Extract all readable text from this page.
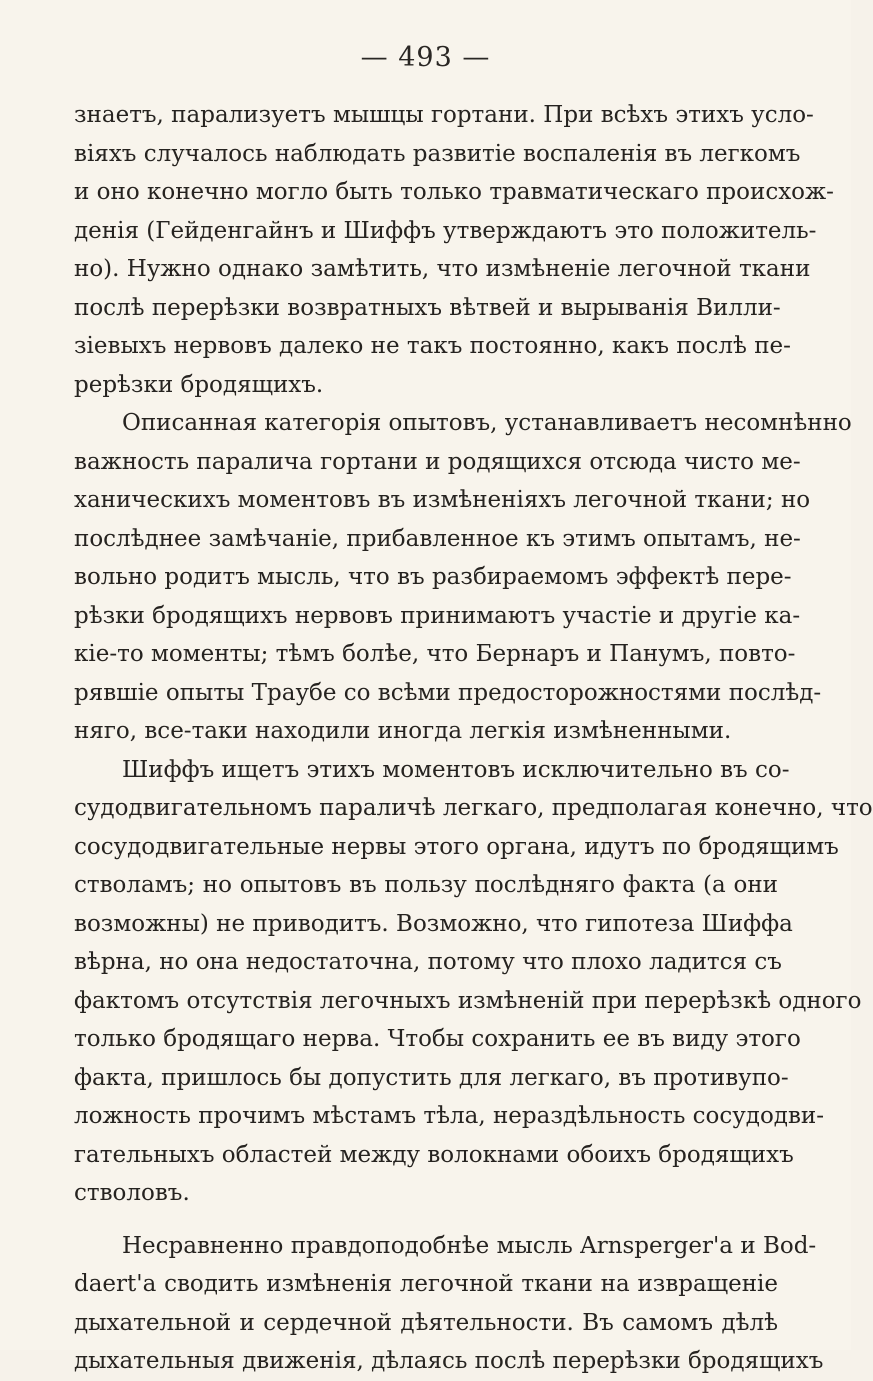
— 493 —
знаетъ, парализуетъ мышцы гортани. При всѣхъ этихъ усло-
віяхъ случалось наблюдать развитіе воспаленія въ легкомъ
и оно конечно могло быть только травматическаго происхож-
денія (Гейденгайнъ и Шиффъ утверждаютъ это положитель-
но). Нужно однако замѣтить, что измѣненіе легочной ткани
послѣ перерѣзки возвратныхъ вѣтвей и вырыванія Вилли-
зіевыхъ нервовъ далеко не такъ постоянно, какъ послѣ пе-
рерѣзки бродящихъ.
Описанная категорія опытовъ, устанавливаетъ несомнѣнно
важность паралича гортани и родящихся отсюда чисто ме-
ханическихъ моментовъ въ измѣненіяхъ легочной ткани; но
послѣднее замѣчаніе, прибавленное къ этимъ опытамъ, не-
вольно родитъ мысль, что въ разбираемомъ эффектѣ пере-
рѣзки бродящихъ нервовъ принимаютъ участіе и другіе ка-
кіе-то моменты; тѣмъ болѣе, что Бернаръ и Панумъ, повто-
рявшіе опыты Траубе со всѣми предосторожностями послѣд-
няго, все-таки находили иногда легкія измѣненными.
Шиффъ ищетъ этихъ моментовъ исключительно въ со-
судодвигательномъ параличѣ легкаго, предполагая конечно, что
сосудодвигательные нервы этого органа, идутъ по бродящимъ
стволамъ; но опытовъ въ пользу послѣдняго факта (а они
возможны) не приводитъ. Возможно, что гипотеза Шиффа
вѣрна, но она недостаточна, потому что плохо ладится съ
фактомъ отсутствія легочныхъ измѣненій при перерѣзкѣ одного
только бродящаго нерва. Чтобы сохранить ее въ виду этого
факта, пришлось бы допустить для легкаго, въ противупо-
ложность прочимъ мѣстамъ тѣла, нераздѣльность сосудодви-
гательныхъ областей между волокнами обоихъ бродящихъ
стволовъ.
Несравненно правдоподобнѣе мысль Arnsperger'а и Bod-
daert'а сводить измѣненія легочной ткани на извращеніе
дыхательной и сердечной дѣятельности. Въ самомъ дѣлѣ
дыхательныя движенія, дѣлаясь послѣ перерѣзки бродящихъ
